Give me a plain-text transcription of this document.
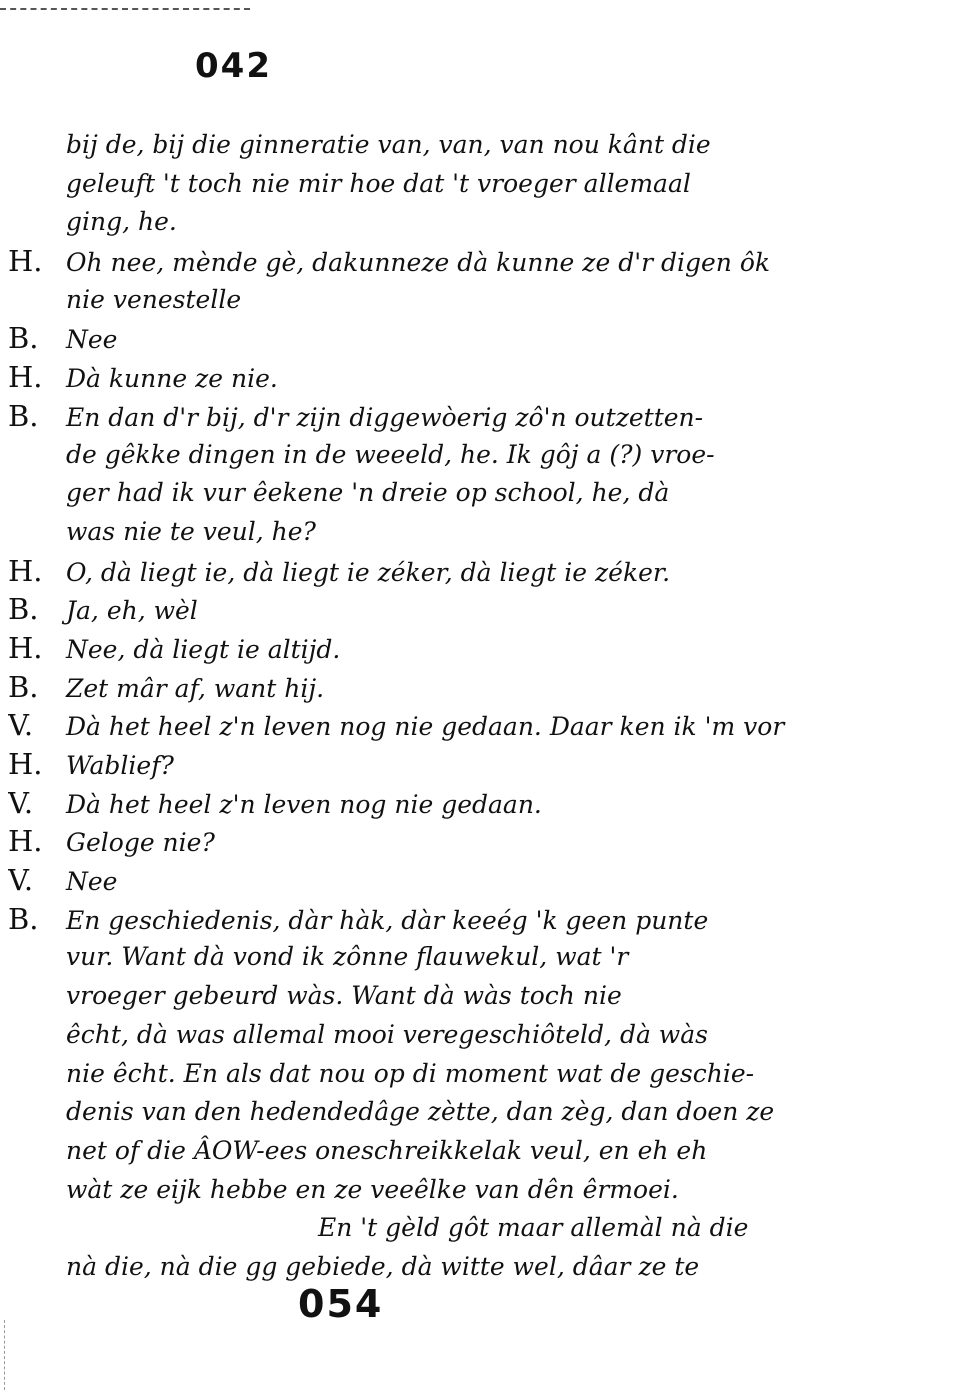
042
bij de, bij die ginneratie van, van, van nou kânt die
geleuft 't toch nie mir hoe dat 't vroeger allemaal
ging, he.
H. Oh nee, mènde gè, dakunneze dà kunne ze d'r digen ôk
nie venestelle
B. Nee
H. Dà kunne ze nie.
B. En dan d'r bij, d'r zijn diggewòerig zô'n outzetten-
de gêkke dingen in de weeeld, he. Ik gôj a (?) vroe-
ger had ik vur êekene 'n dreie op school, he, dà
was nie te veul, he?
H. O, dà liegt ie, dà liegt ie zéker, dà liegt ie zéker.
B. Ja, eh, wèl
H. Nee, dà liegt ie altijd.
B. Zet mâr af, want hij.
V. Dà het heel z'n leven nog nie gedaan. Daar ken ik 'm vor
H. Wablief?
V. Dà het heel z'n leven nog nie gedaan.
H. Geloge nie?
V. Nee
B. En geschiedenis, dàr hàk, dàr keeég 'k geen punte
vur. Want dà vond ik zônne flauwekul, wat 'r
vroeger gebeurd wàs. Want dà wàs toch nie
êcht, dà was allemal mooi veregeschiôteld, dà wàs
nie êcht. En als dat nou op di moment wat de geschie-
denis van den hedendedâge zètte, dan zèg, dan doen ze
net of die ÂOW-ees oneschreikkelak veul, en eh eh
wàt ze eijk hebbe en ze veeêlke van dên êrmoei.
En 't gèld gôt maar allemàl nà die
nà die, nà die gg gebiede, dà witte wel, dâar ze te
054
